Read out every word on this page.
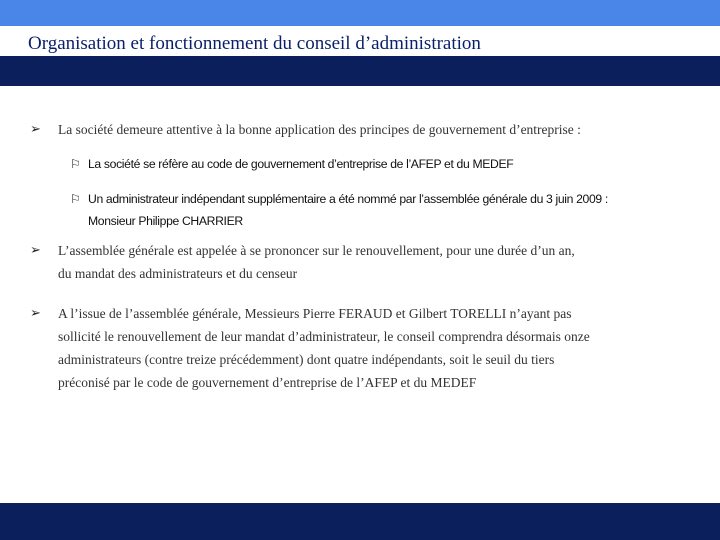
Organisation et fonctionnement du conseil d’administration
➢ La société demeure attentive à la bonne application des principes de gouvernement d’entreprise :
⚐ La société se réfère au code de gouvernement d’entreprise de l’AFEP et du MEDEF
⚐ Un administrateur indépendant supplémentaire a été nommé par l’assemblée générale du 3 juin 2009 :
Monsieur Philippe CHARRIER
➢ L’assemblée générale est appelée à se prononcer sur le renouvellement, pour une durée d’un an,
du mandat des administrateurs et du censeur
➢ A l’issue de l’assemblée générale, Messieurs Pierre FERAUD et Gilbert TORELLI n’ayant pas
sollicité le renouvellement de leur mandat d’administrateur, le conseil comprendra désormais onze
administrateurs (contre treize précédemment) dont quatre indépendants, soit le seuil du tiers
préconisé par le code de gouvernement d’entreprise de l’AFEP et du MEDEF
